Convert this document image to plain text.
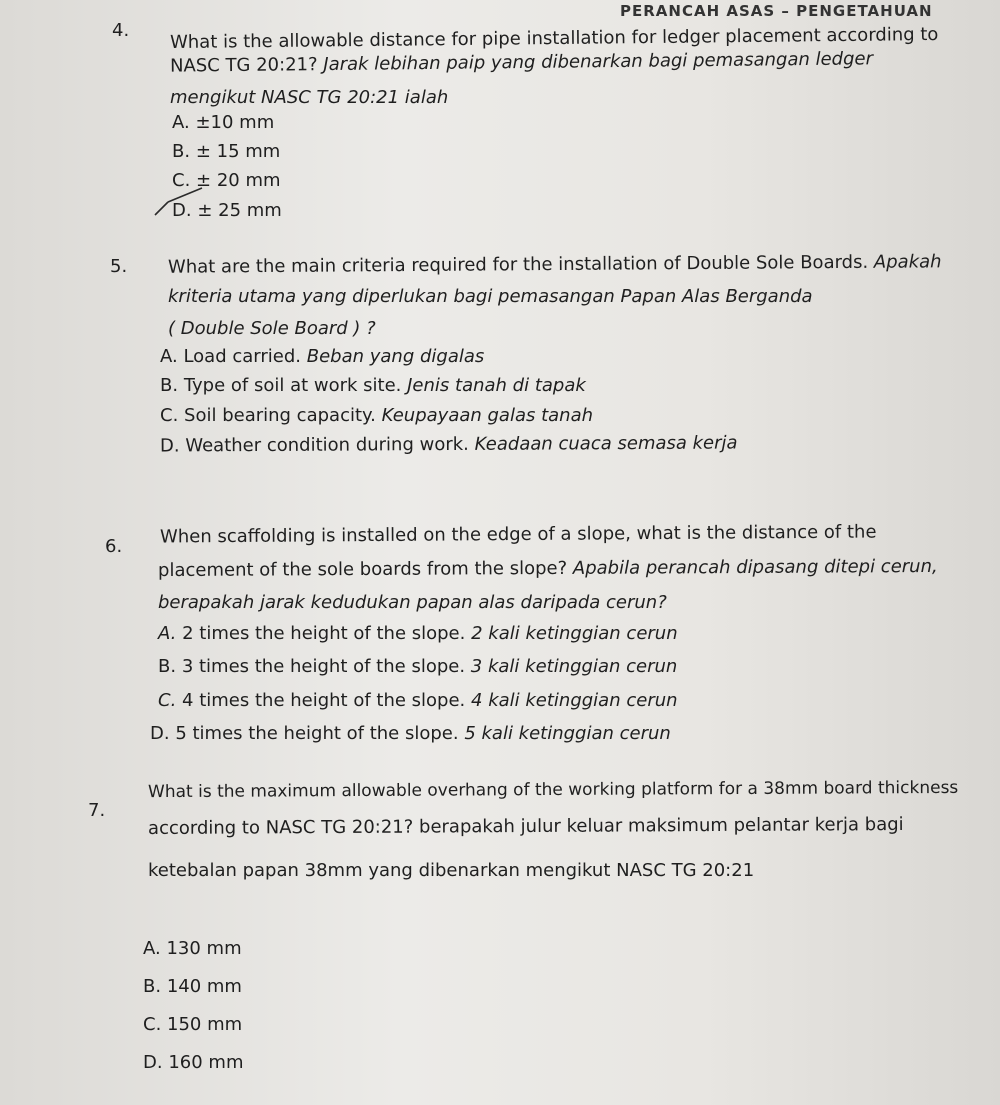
PERANCAH ASAS – PENGETAHUAN
4. What is the allowable distance for pipe installation for ledger placement according to
NASC TG 20:21? Jarak lebihan paip yang dibenarkan bagi pemasangan ledger
mengikut NASC TG 20:21 ialah
A. ±10 mm
B. ± 15 mm
C. ± 20 mm
D. ± 25 mm
5. What are the main criteria required for the installation of Double Sole Boards. Apakah
kriteria utama yang diperlukan bagi pemasangan Papan Alas Berganda
( Double Sole Board ) ?
A. Load carried. Beban yang digalas
B. Type of soil at work site. Jenis tanah di tapak
C. Soil bearing capacity. Keupayaan galas tanah
D. Weather condition during work. Keadaan cuaca semasa kerja
6. When scaffolding is installed on the edge of a slope, what is the distance of the
placement of the sole boards from the slope? Apabila perancah dipasang ditepi cerun,
berapakah jarak kedudukan papan alas daripada cerun?
A. 2 times the height of the slope. 2 kali ketinggian cerun
B. 3 times the height of the slope. 3 kali ketinggian cerun
C. 4 times the height of the slope. 4 kali ketinggian cerun
D. 5 times the height of the slope. 5 kali ketinggian cerun
7.
What is the maximum allowable overhang of the working platform for a 38mm board thickness
according to NASC TG 20:21? berapakah julur keluar maksimum pelantar kerja bagi
ketebalan papan 38mm yang dibenarkan mengikut NASC TG 20:21
A. 130 mm
B. 140 mm
C. 150 mm
D. 160 mm
